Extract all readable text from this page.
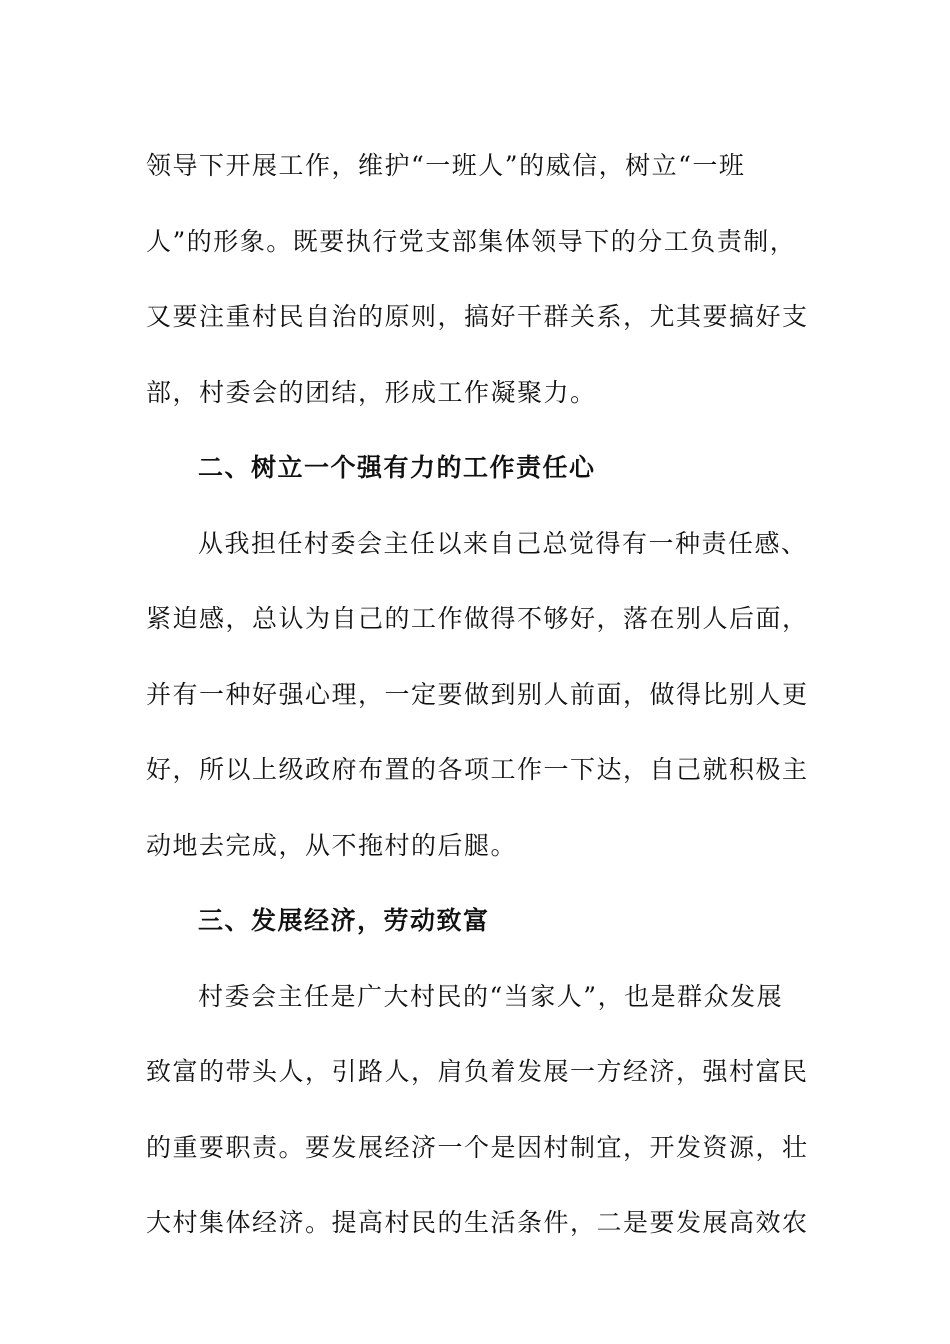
领导下开展工作，维护“一班人”的威信，树立“一班
人”的形象。既要执行党支部集体领导下的分工负责制，
又要注重村民自治的原则，搞好干群关系，尤其要搞好支
部，村委会的团结，形成工作凝聚力。
二、树立一个强有力的工作责任心
从我担任村委会主任以来自己总觉得有一种责任感、
紧迫感，总认为自己的工作做得不够好，落在别人后面，
并有一种好强心理，一定要做到别人前面，做得比别人更
好，所以上级政府布置的各项工作一下达，自己就积极主
动地去完成，从不拖村的后腿。
三、发展经济，劳动致富
村委会主任是广大村民的“当家人”，也是群众发展
致富的带头人，引路人，肩负着发展一方经济，强村富民
的重要职责。要发展经济一个是因村制宜，开发资源，壮
大村集体经济。提高村民的生活条件，二是要发展高效农
